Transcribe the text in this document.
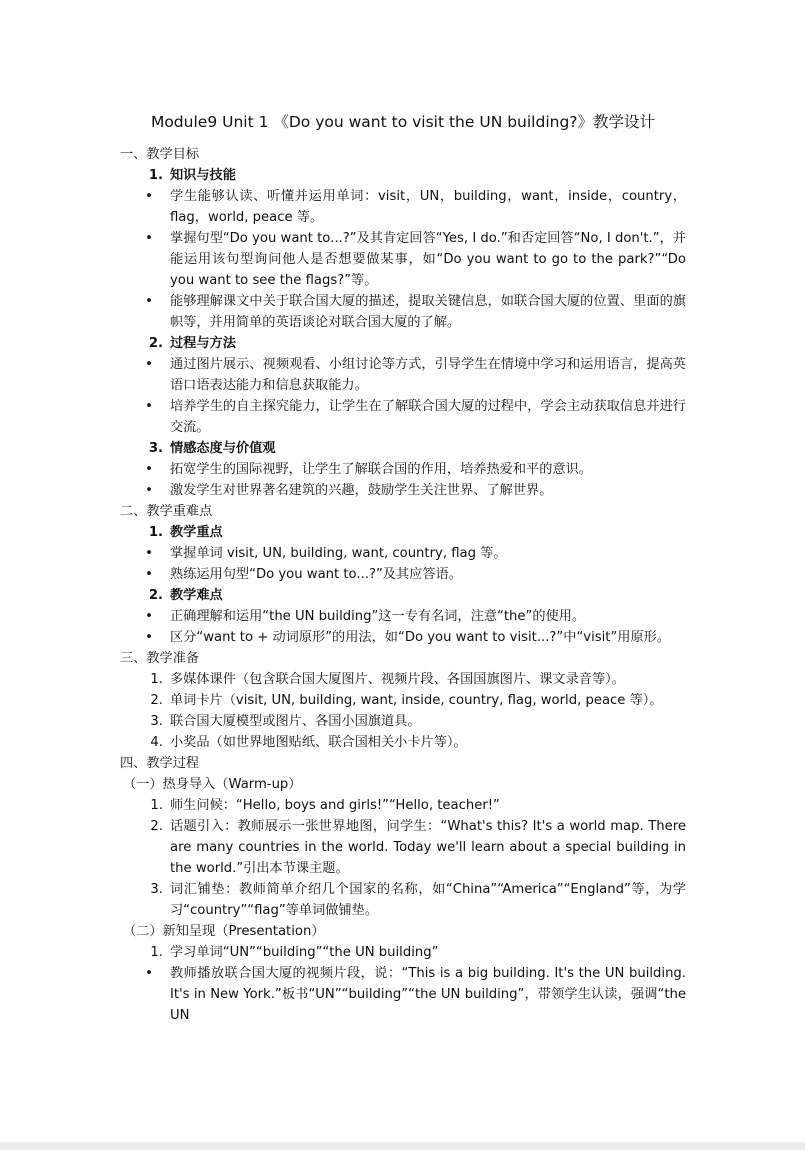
Module9 Unit 1 《Do you want to visit the UN building?》教学设计
一、教学目标
1. 知识与技能
•	学生能够认读、听懂并运用单词：visit，UN，building，want，inside，country，flag，world, peace 等。
•	掌握句型“Do you want to...?”及其肯定回答“Yes, I do.”和否定回答“No, I don't.”，并能运用该句型询问他人是否想要做某事，如“Do you want to go to the park?”“Do you want to see the flags?”等。
•	能够理解课文中关于联合国大厦的描述，提取关键信息，如联合国大厦的位置、里面的旗帜等，并用简单的英语谈论对联合国大厦的了解。
2. 过程与方法
•	通过图片展示、视频观看、小组讨论等方式，引导学生在情境中学习和运用语言，提高英语口语表达能力和信息获取能力。
•	培养学生的自主探究能力，让学生在了解联合国大厦的过程中，学会主动获取信息并进行交流。
3. 情感态度与价值观
•	拓宽学生的国际视野，让学生了解联合国的作用，培养热爱和平的意识。
•	激发学生对世界著名建筑的兴趣，鼓励学生关注世界、了解世界。
二、教学重难点
1. 教学重点
•	掌握单词 visit, UN, building, want, country, flag 等。
•	熟练运用句型“Do you want to...?”及其应答语。
2. 教学难点
•	正确理解和运用“the UN building”这一专有名词，注意“the”的使用。
•	区分“want to + 动词原形”的用法，如“Do you want to visit...?”中“visit”用原形。
三、教学准备
1. 多媒体课件（包含联合国大厦图片、视频片段、各国国旗图片、课文录音等）。
2. 单词卡片（visit, UN, building, want, inside, country, flag, world, peace 等）。
3. 联合国大厦模型或图片、各国小国旗道具。
4. 小奖品（如世界地图贴纸、联合国相关小卡片等）。
四、教学过程
（一）热身导入（Warm-up）
1. 师生问候：“Hello, boys and girls!”“Hello, teacher!”
2. 话题引入：教师展示一张世界地图，问学生：“What's this? It's a world map. There are many countries in the world. Today we'll learn about a special building in the world.”引出本节课主题。
3. 词汇铺垫：教师简单介绍几个国家的名称，如“China”“America”“England”等，为学习“country”“flag”等单词做铺垫。
（二）新知呈现（Presentation）
1. 学习单词“UN”“building”“the UN building”
•	教师播放联合国大厦的视频片段，说：“This is a big building. It's the UN building. It's in New York.”板书“UN”“building”“the UN building”，带领学生认读，强调“the UN
